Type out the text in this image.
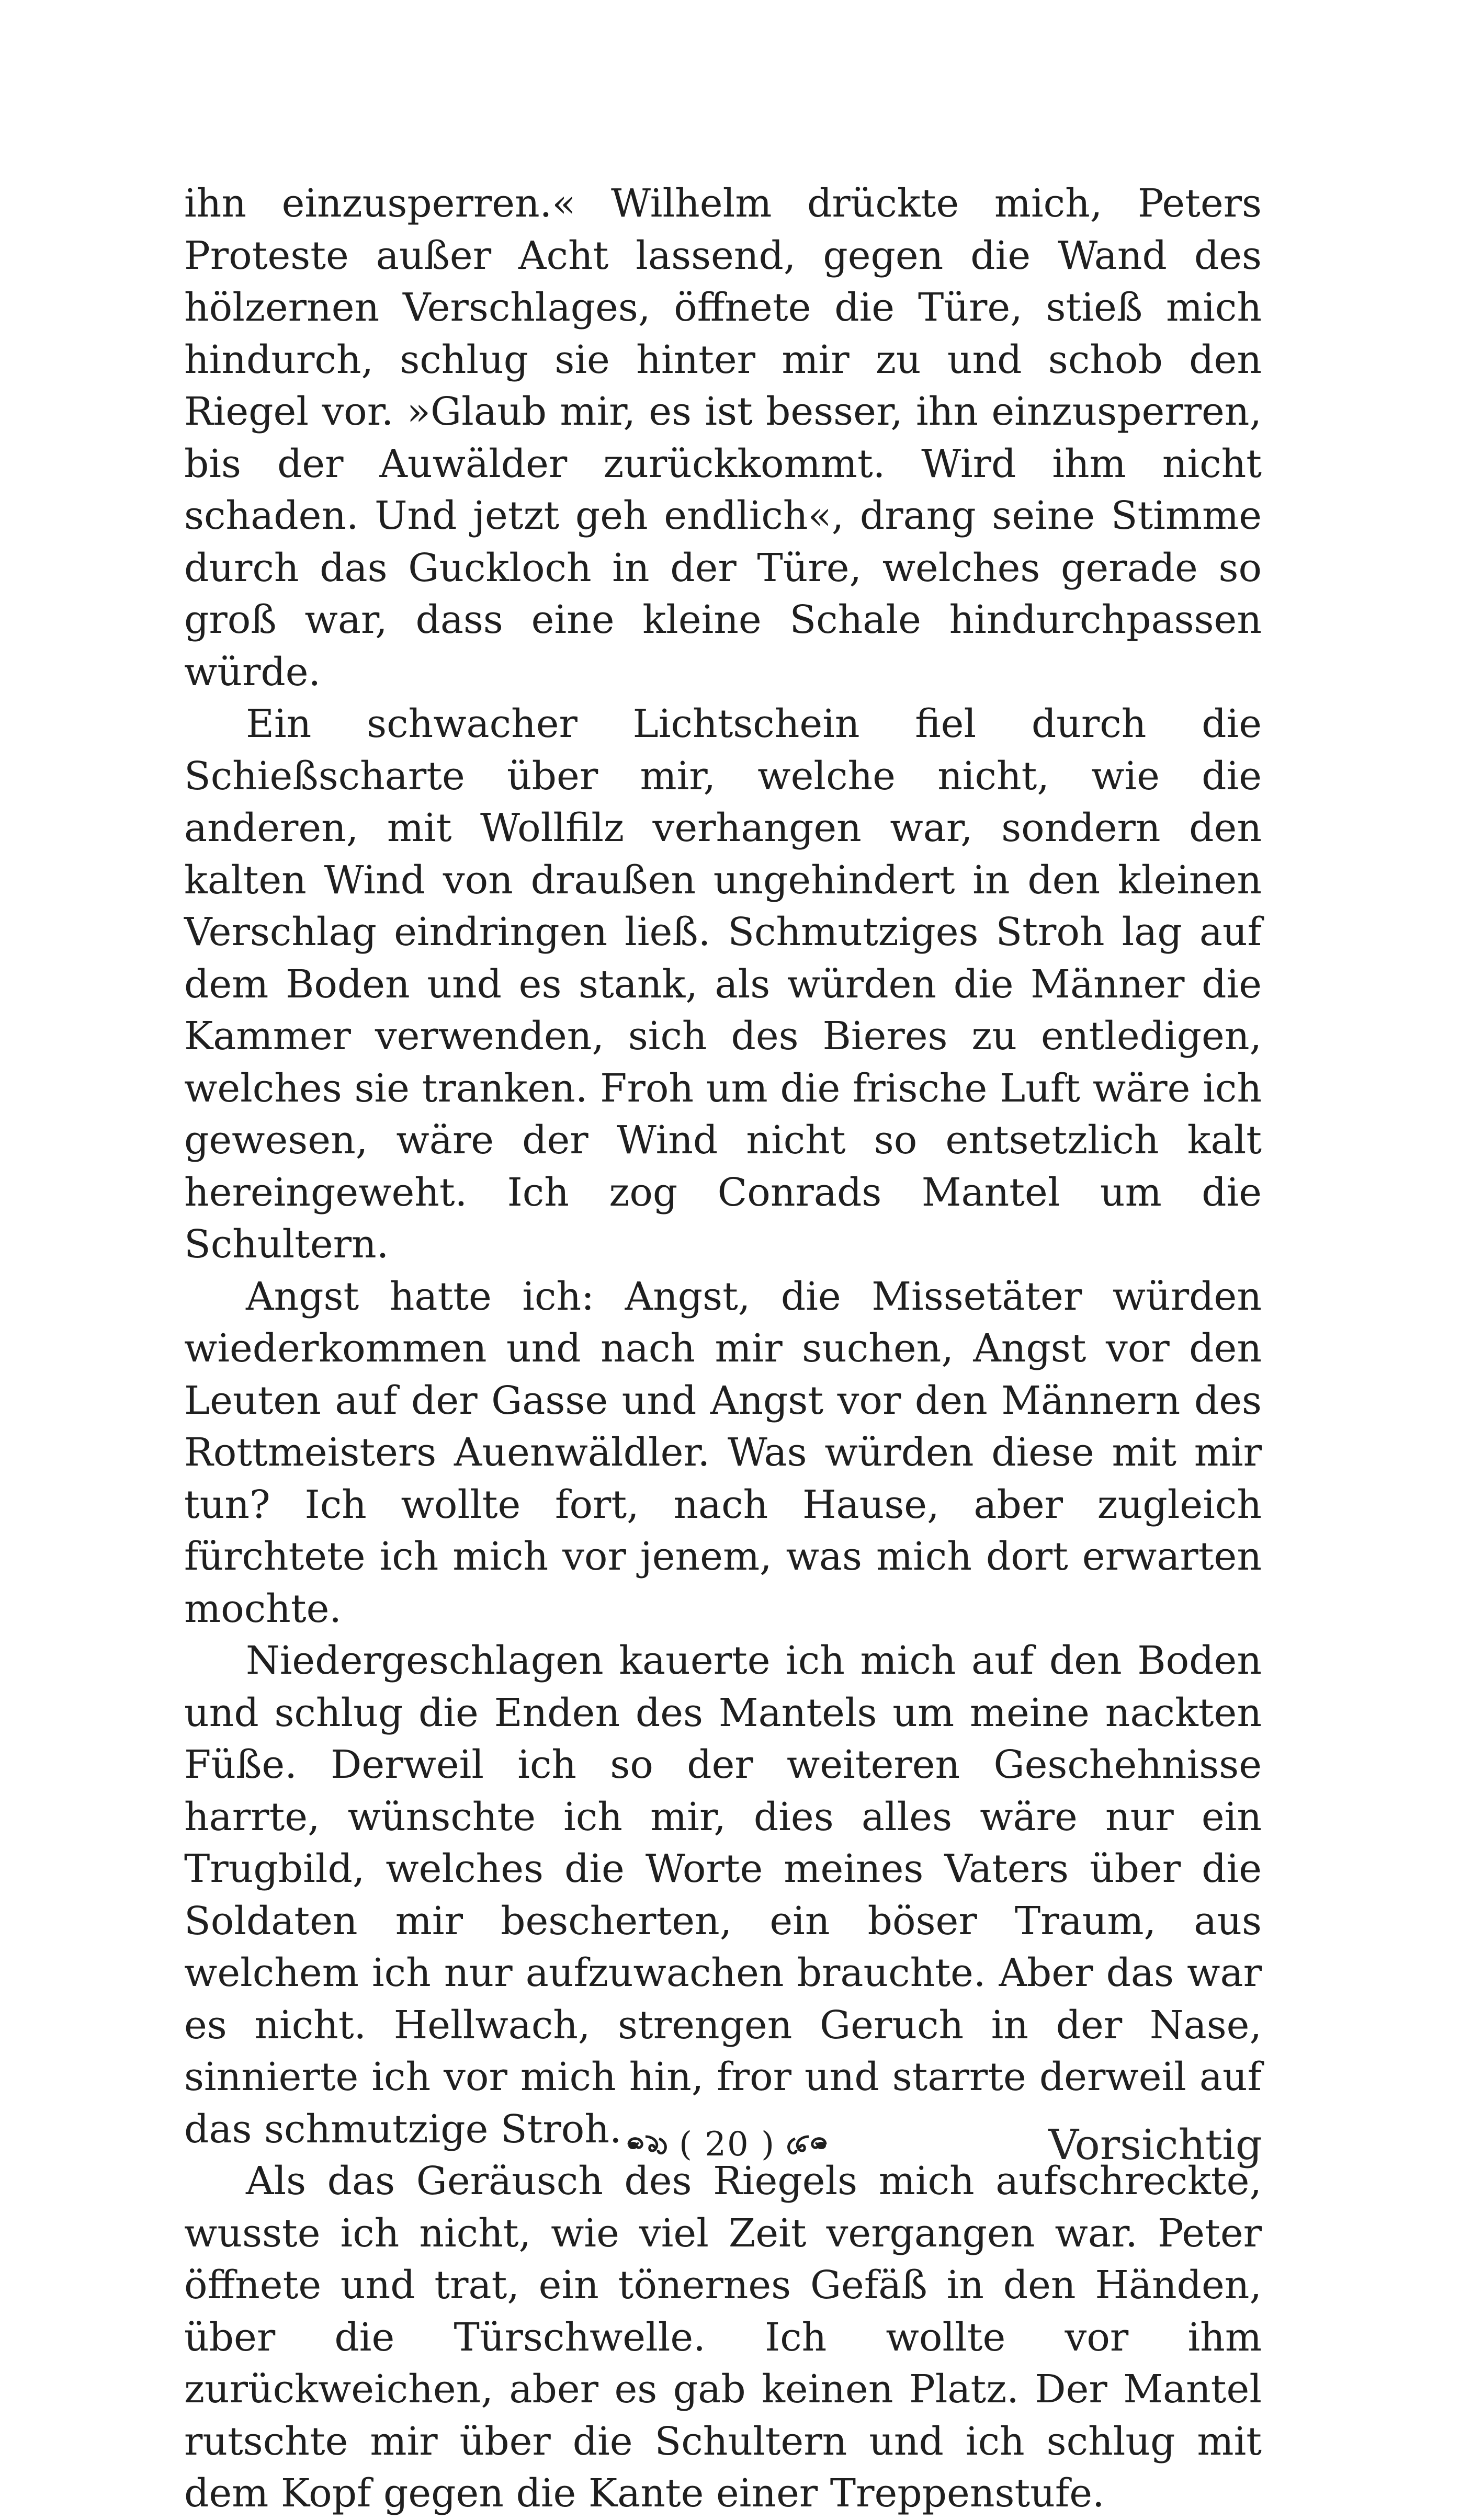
ihn einzusperren.« Wilhelm drückte mich, Peters Proteste außer Acht lassend, gegen die Wand des hölzernen Verschlages, öffnete die Türe, stieß mich hindurch, schlug sie hinter mir zu und schob den Riegel vor. »Glaub mir, es ist besser, ihn einzusperren, bis der Auwälder zurückkommt. Wird ihm nicht schaden. Und jetzt geh endlich«, drang seine Stimme durch das Guckloch in der Türe, welches gerade so groß war, dass eine kleine Schale hindurchpassen würde.

Ein schwacher Lichtschein fiel durch die Schießscharte über mir, welche nicht, wie die anderen, mit Wollfilz verhangen war, sondern den kalten Wind von draußen ungehindert in den kleinen Verschlag eindringen ließ. Schmutziges Stroh lag auf dem Boden und es stank, als würden die Männer die Kammer verwenden, sich des Bieres zu entledigen, welches sie tranken. Froh um die frische Luft wäre ich gewesen, wäre der Wind nicht so entsetzlich kalt hereingeweht. Ich zog Conrads Mantel um die Schultern.

Angst hatte ich: Angst, die Missetäter würden wiederkommen und nach mir suchen, Angst vor den Leuten auf der Gasse und Angst vor den Männern des Rottmeisters Auenwäldler. Was würden diese mit mir tun? Ich wollte fort, nach Hause, aber zugleich fürchtete ich mich vor jenem, was mich dort erwarten mochte.

Niedergeschlagen kauerte ich mich auf den Boden und schlug die Enden des Mantels um meine nackten Füße. Derweil ich so der weiteren Geschehnisse harrte, wünschte ich mir, dies alles wäre nur ein Trugbild, welches die Worte meines Vaters über die Soldaten mir bescherten, ein böser Traum, aus welchem ich nur aufzuwachen brauchte. Aber das war es nicht. Hellwach, strengen Geruch in der Nase, sinnierte ich vor mich hin, fror und starrte derweil auf das schmutzige Stroh.

Als das Geräusch des Riegels mich aufschreckte, wusste ich nicht, wie viel Zeit vergangen war. Peter öffnete und trat, ein tönernes Gefäß in den Händen, über die Türschwelle. Ich wollte vor ihm zurückweichen, aber es gab keinen Platz. Der Mantel rutschte mir über die Schultern und ich schlug mit dem Kopf gegen die Kante einer Treppenstufe.

( 20 )	Vorsichtig
